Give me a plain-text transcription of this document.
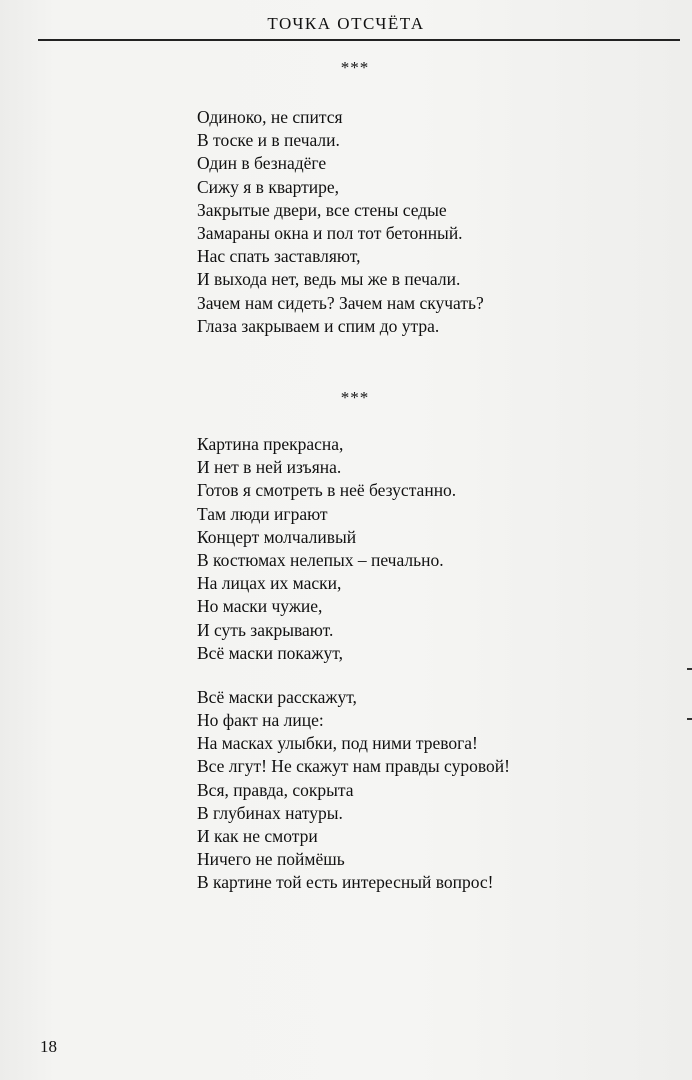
ТОЧКА ОТСЧЁТА
***
Одиноко, не спится
В тоске и в печали.
Один в безнадёге
Сижу я в квартире,
Закрытые двери, все стены седые
Замараны окна и пол тот бетонный.
Нас спать заставляют,
И выхода нет, ведь мы же в печали.
Зачем нам сидеть? Зачем нам скучать?
Глаза закрываем и спим до утра.
***
Картина прекрасна,
И нет в ней изъяна.
Готов я смотреть в неё безустанно.
Там люди играют
Концерт молчаливый
В костюмах нелепых – печально.
На лицах их маски,
Но маски чужие,
И суть закрывают.
Всё маски покажут,
Всё маски расскажут,
Но факт на лице:
На масках улыбки, под ними тревога!
Все лгут! Не скажут нам правды суровой!
Вся, правда, сокрыта
В глубинах натуры.
И как не смотри
Ничего не поймёшь
В картине той есть интересный вопрос!
18
